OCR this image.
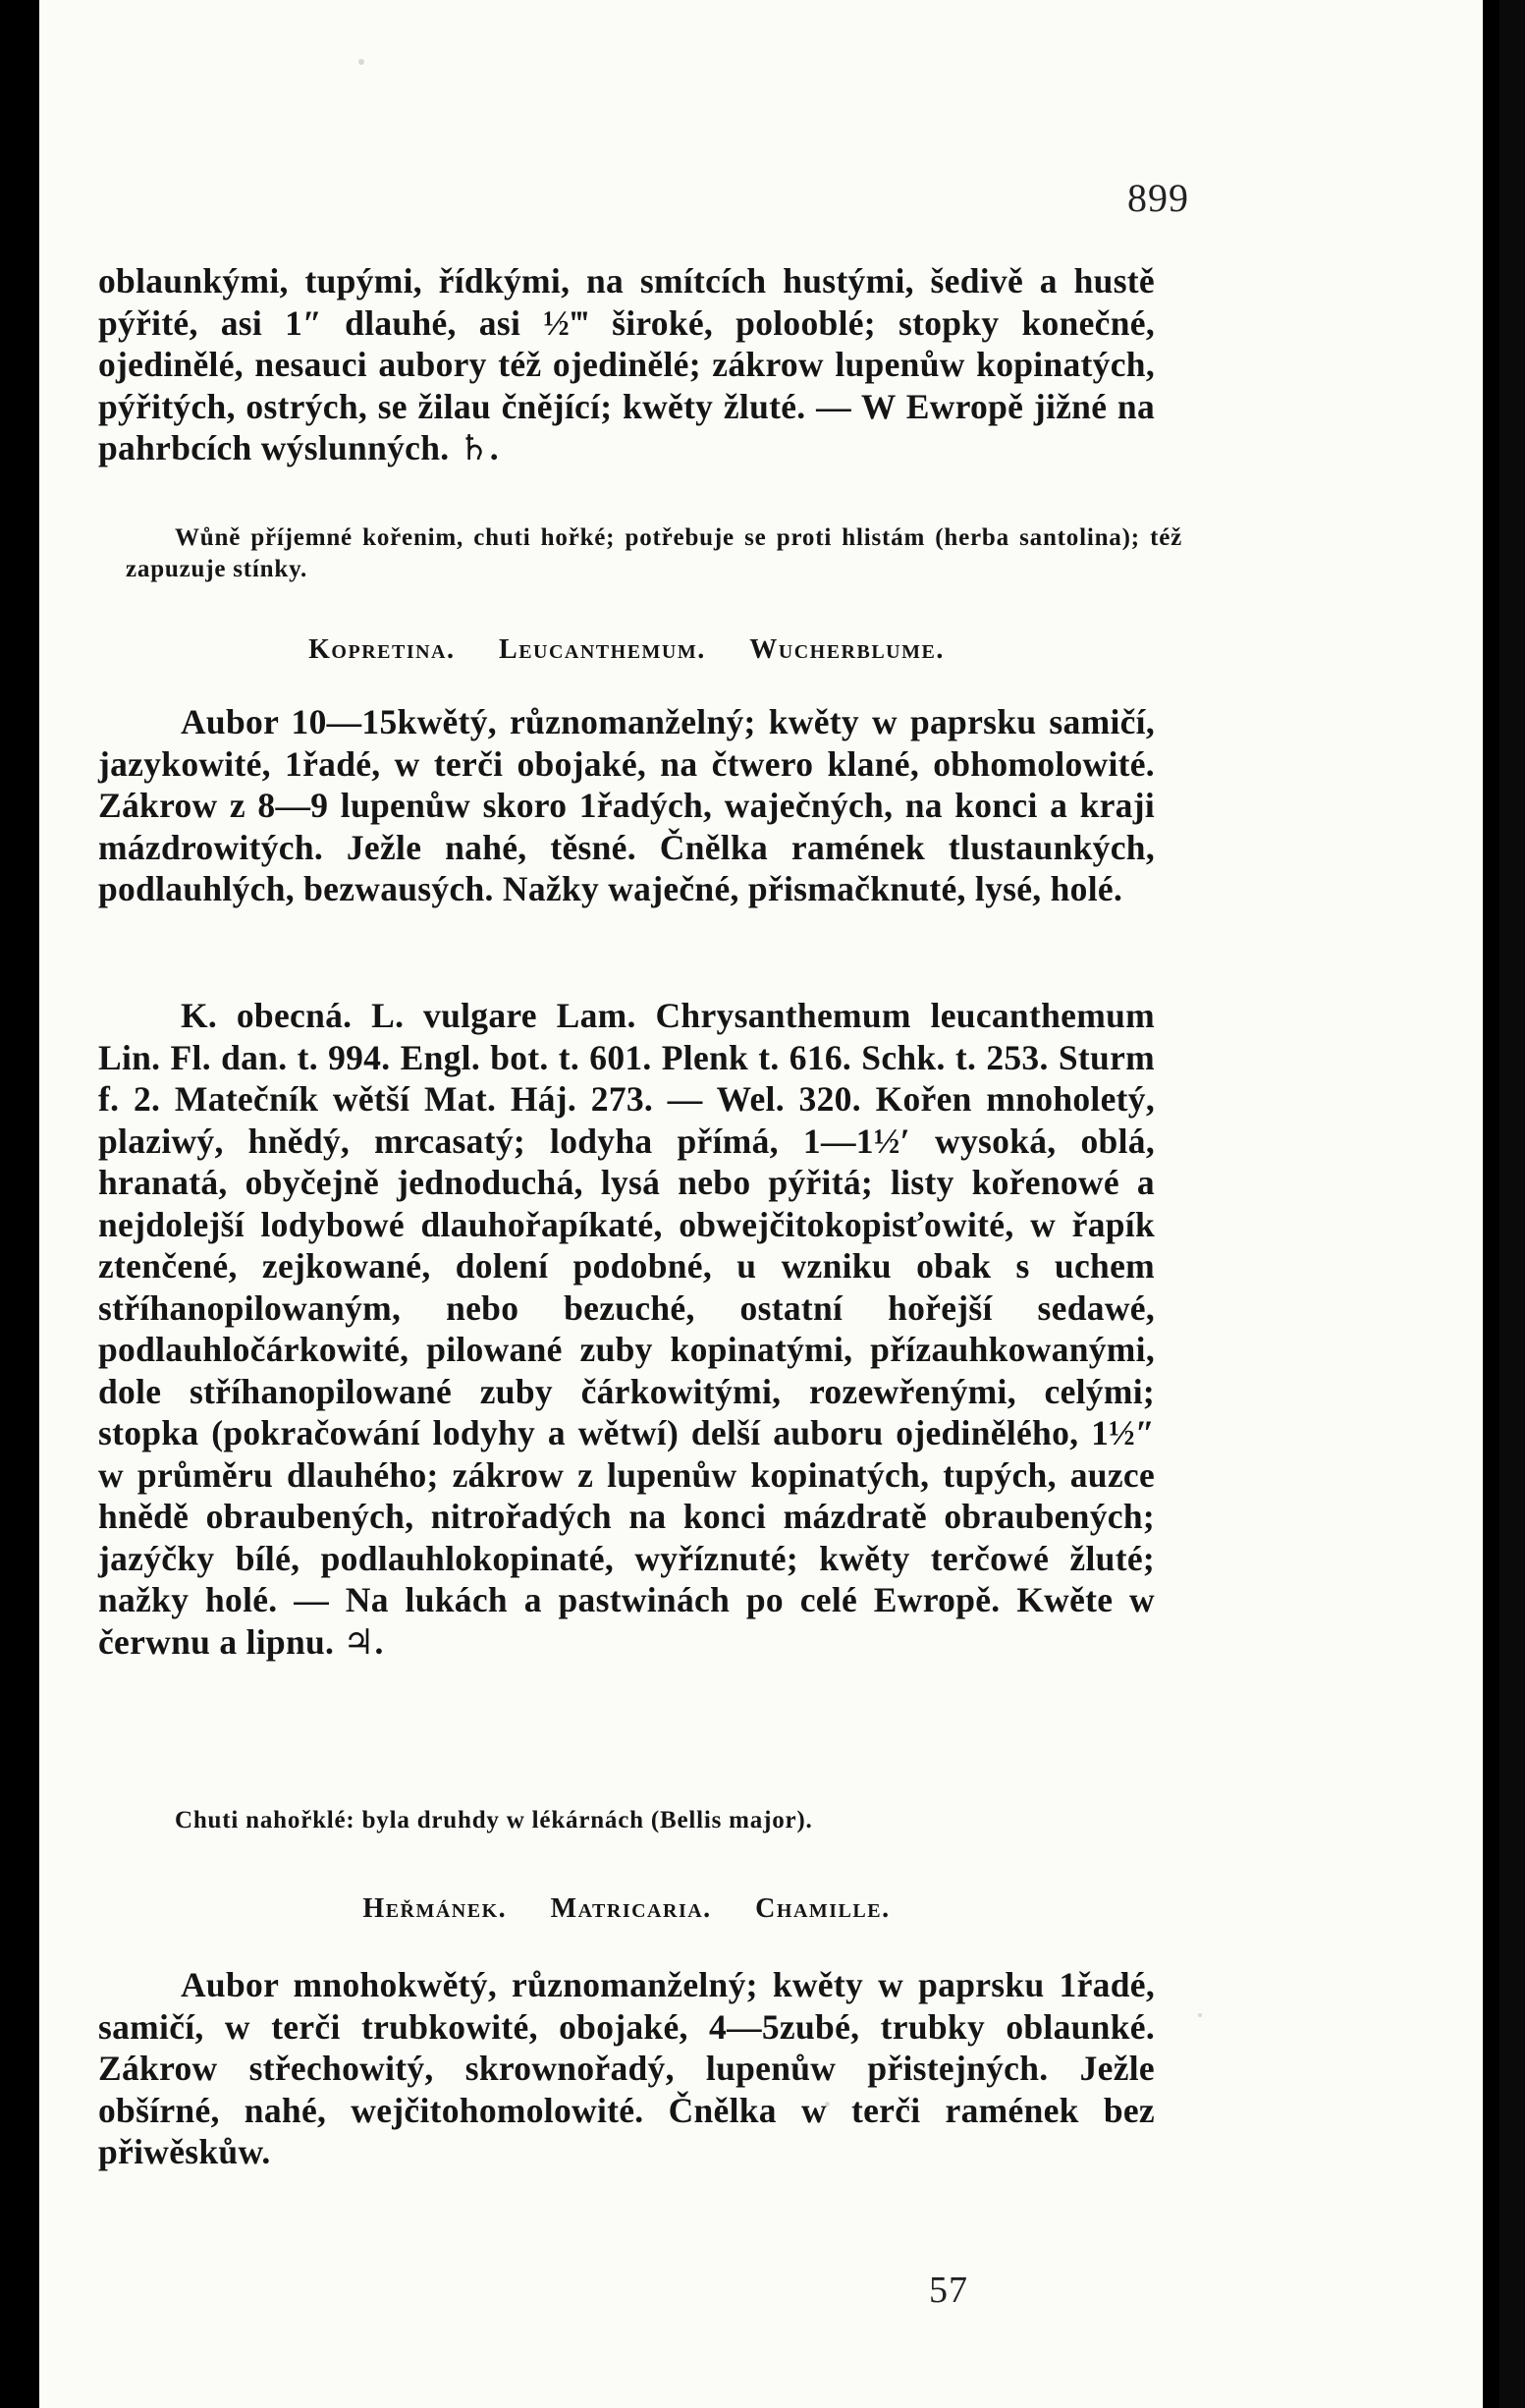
899
oblaunkými, tupými, řídkými, na smítcích hustými, šedivě a hustě pýřité, asi 1″ dlauhé, asi ½‴ široké, polooblé; stopky konečné, ojedinělé, nesauci aubory též ojedinělé; zákrow lupenůw kopinatých, pýřitých, ostrých, se žilau čnějící; kwěty žluté. — W Ewropě jižné na pahrbcích wýslunných. ♄.
Wůně příjemné kořenim, chuti hořké; potřebuje se proti hlistám (herba santolina); též zapuzuje stínky.
Kopretina. Leucanthemum. Wucherblume.
Aubor 10—15kwětý, různomanželný; kwěty w paprsku samičí, jazykowité, 1řadé, w terči obojaké, na čtwero klané, obhomolowité. Zákrow z 8—9 lupenůw skoro 1řadých, waječných, na konci a kraji mázdrowitých. Ježle nahé, těsné. Čnělka ramének tlustaunkých, podlauhlých, bezwausých. Nažky waječné, přismačknuté, lysé, holé.
K. obecná. L. vulgare Lam. Chrysanthemum leucanthemum Lin. Fl. dan. t. 994. Engl. bot. t. 601. Plenk t. 616. Schk. t. 253. Sturm f. 2. Matečník wětší Mat. Háj. 273. — Wel. 320. Kořen mnoholetý, plaziwý, hnědý, mrcasatý; lodyha přímá, 1—1½′ wysoká, oblá, hranatá, obyčejně jednoduchá, lysá nebo pýřitá; listy kořenowé a nejdolejší lodybowé dlauhořapíkaté, obwejčitokopisťowité, w řapík ztenčené, zejkowané, dolení podobné, u wzniku obak s uchem stříhanopilowaným, nebo bezuché, ostatní hořejší sedawé, podlauhločárkowité, pilowané zuby kopinatými, přízauhkowanými, dole stříhanopilowané zuby čárkowitými, rozewřenými, celými; stopka (pokračowání lodyhy a wětwí) delší auboru ojedinělého, 1½″ w průměru dlauhého; zákrow z lupenůw kopinatých, tupých, auzce hnědě obraubených, nitrořadých na konci mázdratě obraubených; jazýčky bílé, podlauhlokopinaté, wyříznuté; kwěty terčowé žluté; nažky holé. — Na lukách a pastwinách po celé Ewropě. Kwěte w čerwnu a lipnu. ♃.
Chuti nahořklé: byla druhdy w lékárnách (Bellis major).
Heřmánek. Matricaria. Chamille.
Aubor mnohokwětý, různomanželný; kwěty w paprsku 1řadé, samičí, w terči trubkowité, obojaké, 4—5zubé, trubky oblaunké. Zákrow střechowitý, skrownořadý, lupenůw přistejných. Ježle obšírné, nahé, wejčitohomolowité. Čnělka w terči ramének bez přiwěskůw.
57
